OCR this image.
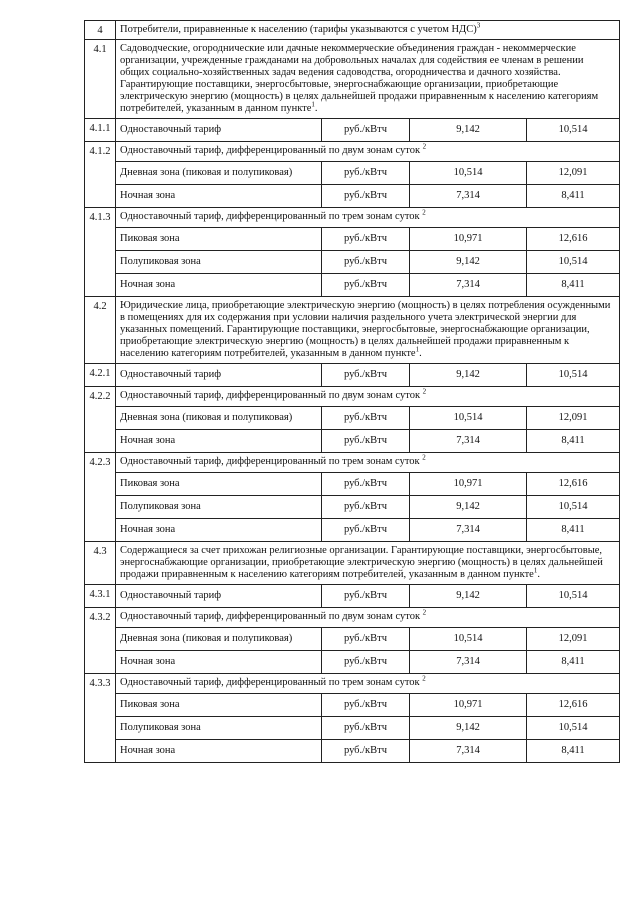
4	Потребители, приравненные к населению (тарифы указываются с учетом НДС)$^3$
4.1	Садоводческие, огороднические или дачные некоммерческие объединения граждан - некоммерческие организации, учрежденные гражданами на добровольных началах для содействия ее членам в решении общих социально-хозяйственных задач ведения садоводства, огородничества и дачного хозяйства. Гарантирующие поставщики, энергосбытовые, энергоснабжающие организации, приобретающие электрическую энергию (мощность) в целях дальнейшей продажи приравненным к населению категориям потребителей, указанным в данном пункте$^1$.
4.1.1	Одноставочный тариф	руб./кВтч	9,142	10,514

4.1.2	Одноставочный тариф, дифференцированный по двум зонам суток $^2$
Дневная зона (пиковая и полупиковая)	руб./кВтч	10,514	12,091
Ночная зона	руб./кВтч	7,314	8,411

4.1.3	Одноставочный тариф, дифференцированный по трем зонам суток $^2$
Пиковая зона	руб./кВтч	10,971	12,616
Полупиковая зона	руб./кВтч	9,142	10,514
Ночная зона	руб./кВтч	7,314	8,411

4.2	Юридические лица, приобретающие электрическую энергию (мощность) в целях потребления осужденными в помещениях для их содержания при условии наличия раздельного учета электрической энергии для указанных помещений. Гарантирующие поставщики, энергосбытовые, энергоснабжающие организации, приобретающие электрическую энергию (мощность) в целях дальнейшей продажи приравненным к населению категориям потребителей, указанным в данном пункте$^1$.
4.2.1	Одноставочный тариф	руб./кВтч	9,142	10,514

4.2.2	Одноставочный тариф, дифференцированный по двум зонам суток $^2$
Дневная зона (пиковая и полупиковая)	руб./кВтч	10,514	12,091
Ночная зона	руб./кВтч	7,314	8,411

4.2.3	Одноставочный тариф, дифференцированный по трем зонам суток $^2$
Пиковая зона	руб./кВтч	10,971	12,616
Полупиковая зона	руб./кВтч	9,142	10,514
Ночная зона	руб./кВтч	7,314	8,411

4.3	Содержащиеся за счет прихожан религиозные организации. Гарантирующие поставщики, энергосбытовые, энергоснабжающие организации, приобретающие электрическую энергию (мощность) в целях дальнейшей продажи приравненным к населению категориям потребителей, указанным в данном пункте$^1$.
4.3.1	Одноставочный тариф	руб./кВтч	9,142	10,514

4.3.2	Одноставочный тариф, дифференцированный по двум зонам суток $^2$
Дневная зона (пиковая и полупиковая)	руб./кВтч	10,514	12,091
Ночная зона	руб./кВтч	7,314	8,411

4.3.3	Одноставочный тариф, дифференцированный по трем зонам суток $^2$
Пиковая зона	руб./кВтч	10,971	12,616
Полупиковая зона	руб./кВтч	9,142	10,514
Ночная зона	руб./кВтч	7,314	8,411
